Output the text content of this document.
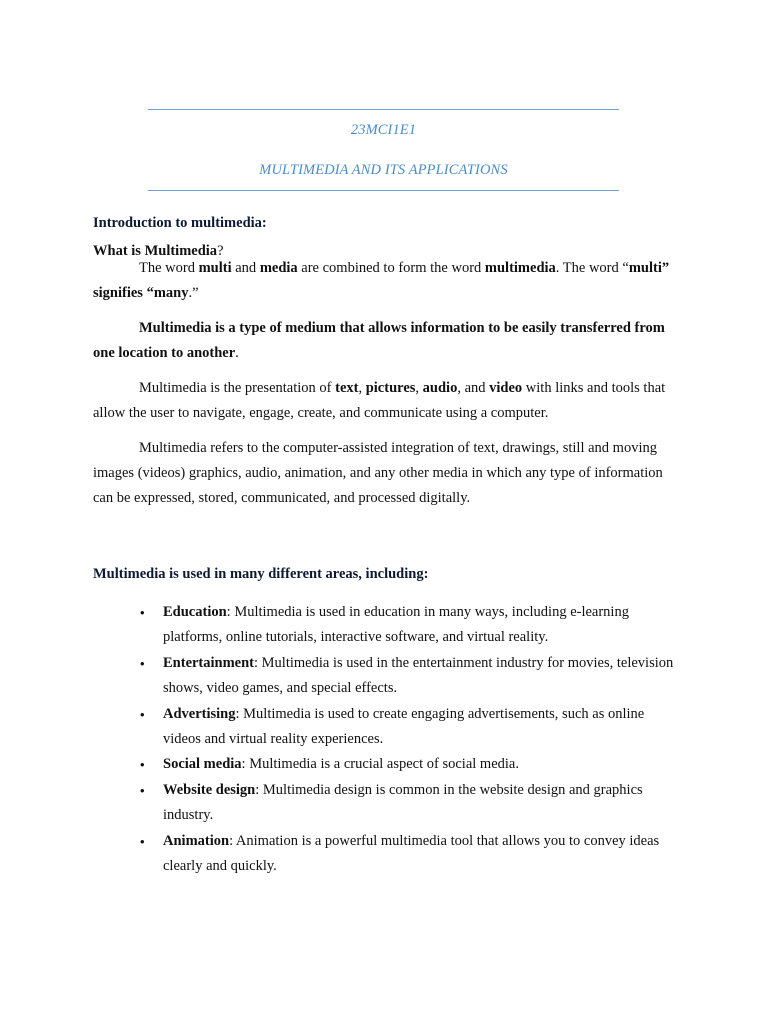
23MCI1E1
MULTIMEDIA AND ITS APPLICATIONS
Introduction to multimedia:
What is Multimedia?

The word multi and media are combined to form the word multimedia. The word “multi” signifies “many.”

Multimedia is a type of medium that allows information to be easily transferred from one location to another.

Multimedia is the presentation of text, pictures, audio, and video with links and tools that allow the user to navigate, engage, create, and communicate using a computer.

Multimedia refers to the computer-assisted integration of text, drawings, still and moving images (videos) graphics, audio, animation, and any other media in which any type of information can be expressed, stored, communicated, and processed digitally.

Multimedia is used in many different areas, including:
• Education: Multimedia is used in education in many ways, including e-learning platforms, online tutorials, interactive software, and virtual reality.
• Entertainment: Multimedia is used in the entertainment industry for movies, television shows, video games, and special effects.
• Advertising: Multimedia is used to create engaging advertisements, such as online videos and virtual reality experiences.
• Social media: Multimedia is a crucial aspect of social media.
• Website design: Multimedia design is common in the website design and graphics industry.
• Animation: Animation is a powerful multimedia tool that allows you to convey ideas clearly and quickly.
